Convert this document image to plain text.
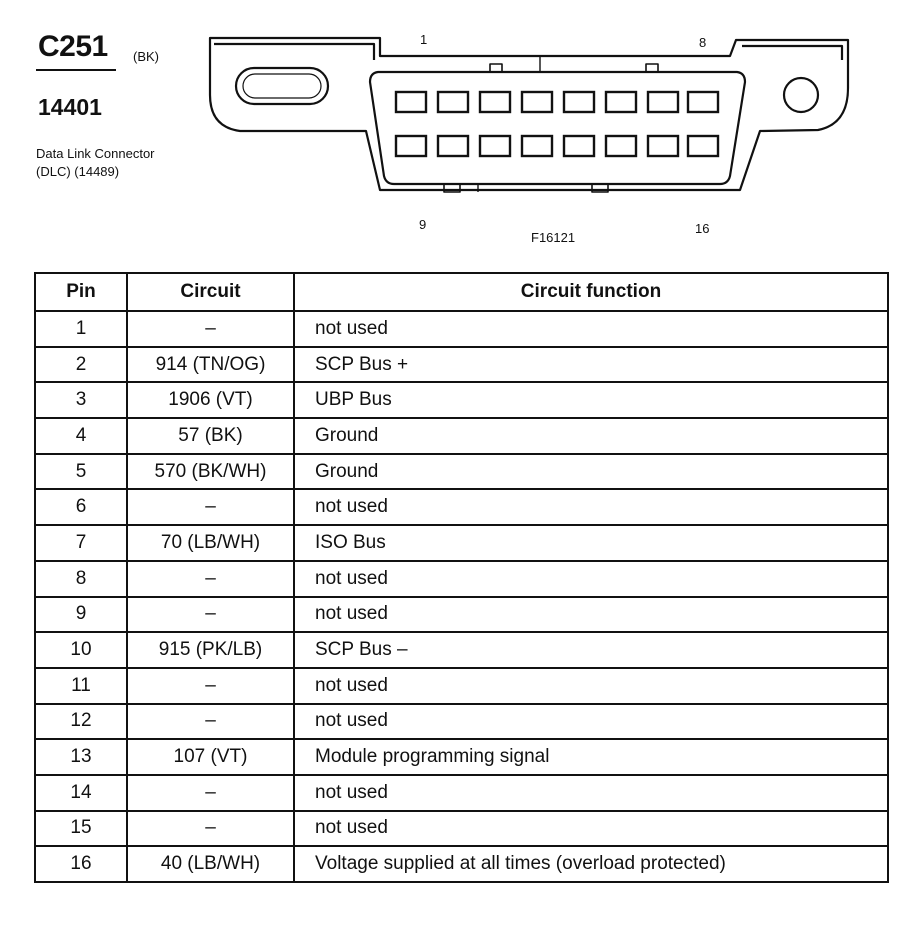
C251 (BK)
14401
Data Link Connector
(DLC) (14489)
1	8
9	16
F16121
Pin	Circuit	Circuit function
1	–	not used
2	914 (TN/OG)	SCP Bus +
3	1906 (VT)	UBP Bus
4	57 (BK)	Ground
5	570 (BK/WH)	Ground
6	–	not used
7	70 (LB/WH)	ISO Bus
8	–	not used
9	–	not used
10	915 (PK/LB)	SCP Bus –
11	–	not used
12	–	not used
13	107 (VT)	Module programming signal
14	–	not used
15	–	not used
16	40 (LB/WH)	Voltage supplied at all times (overload protected)
